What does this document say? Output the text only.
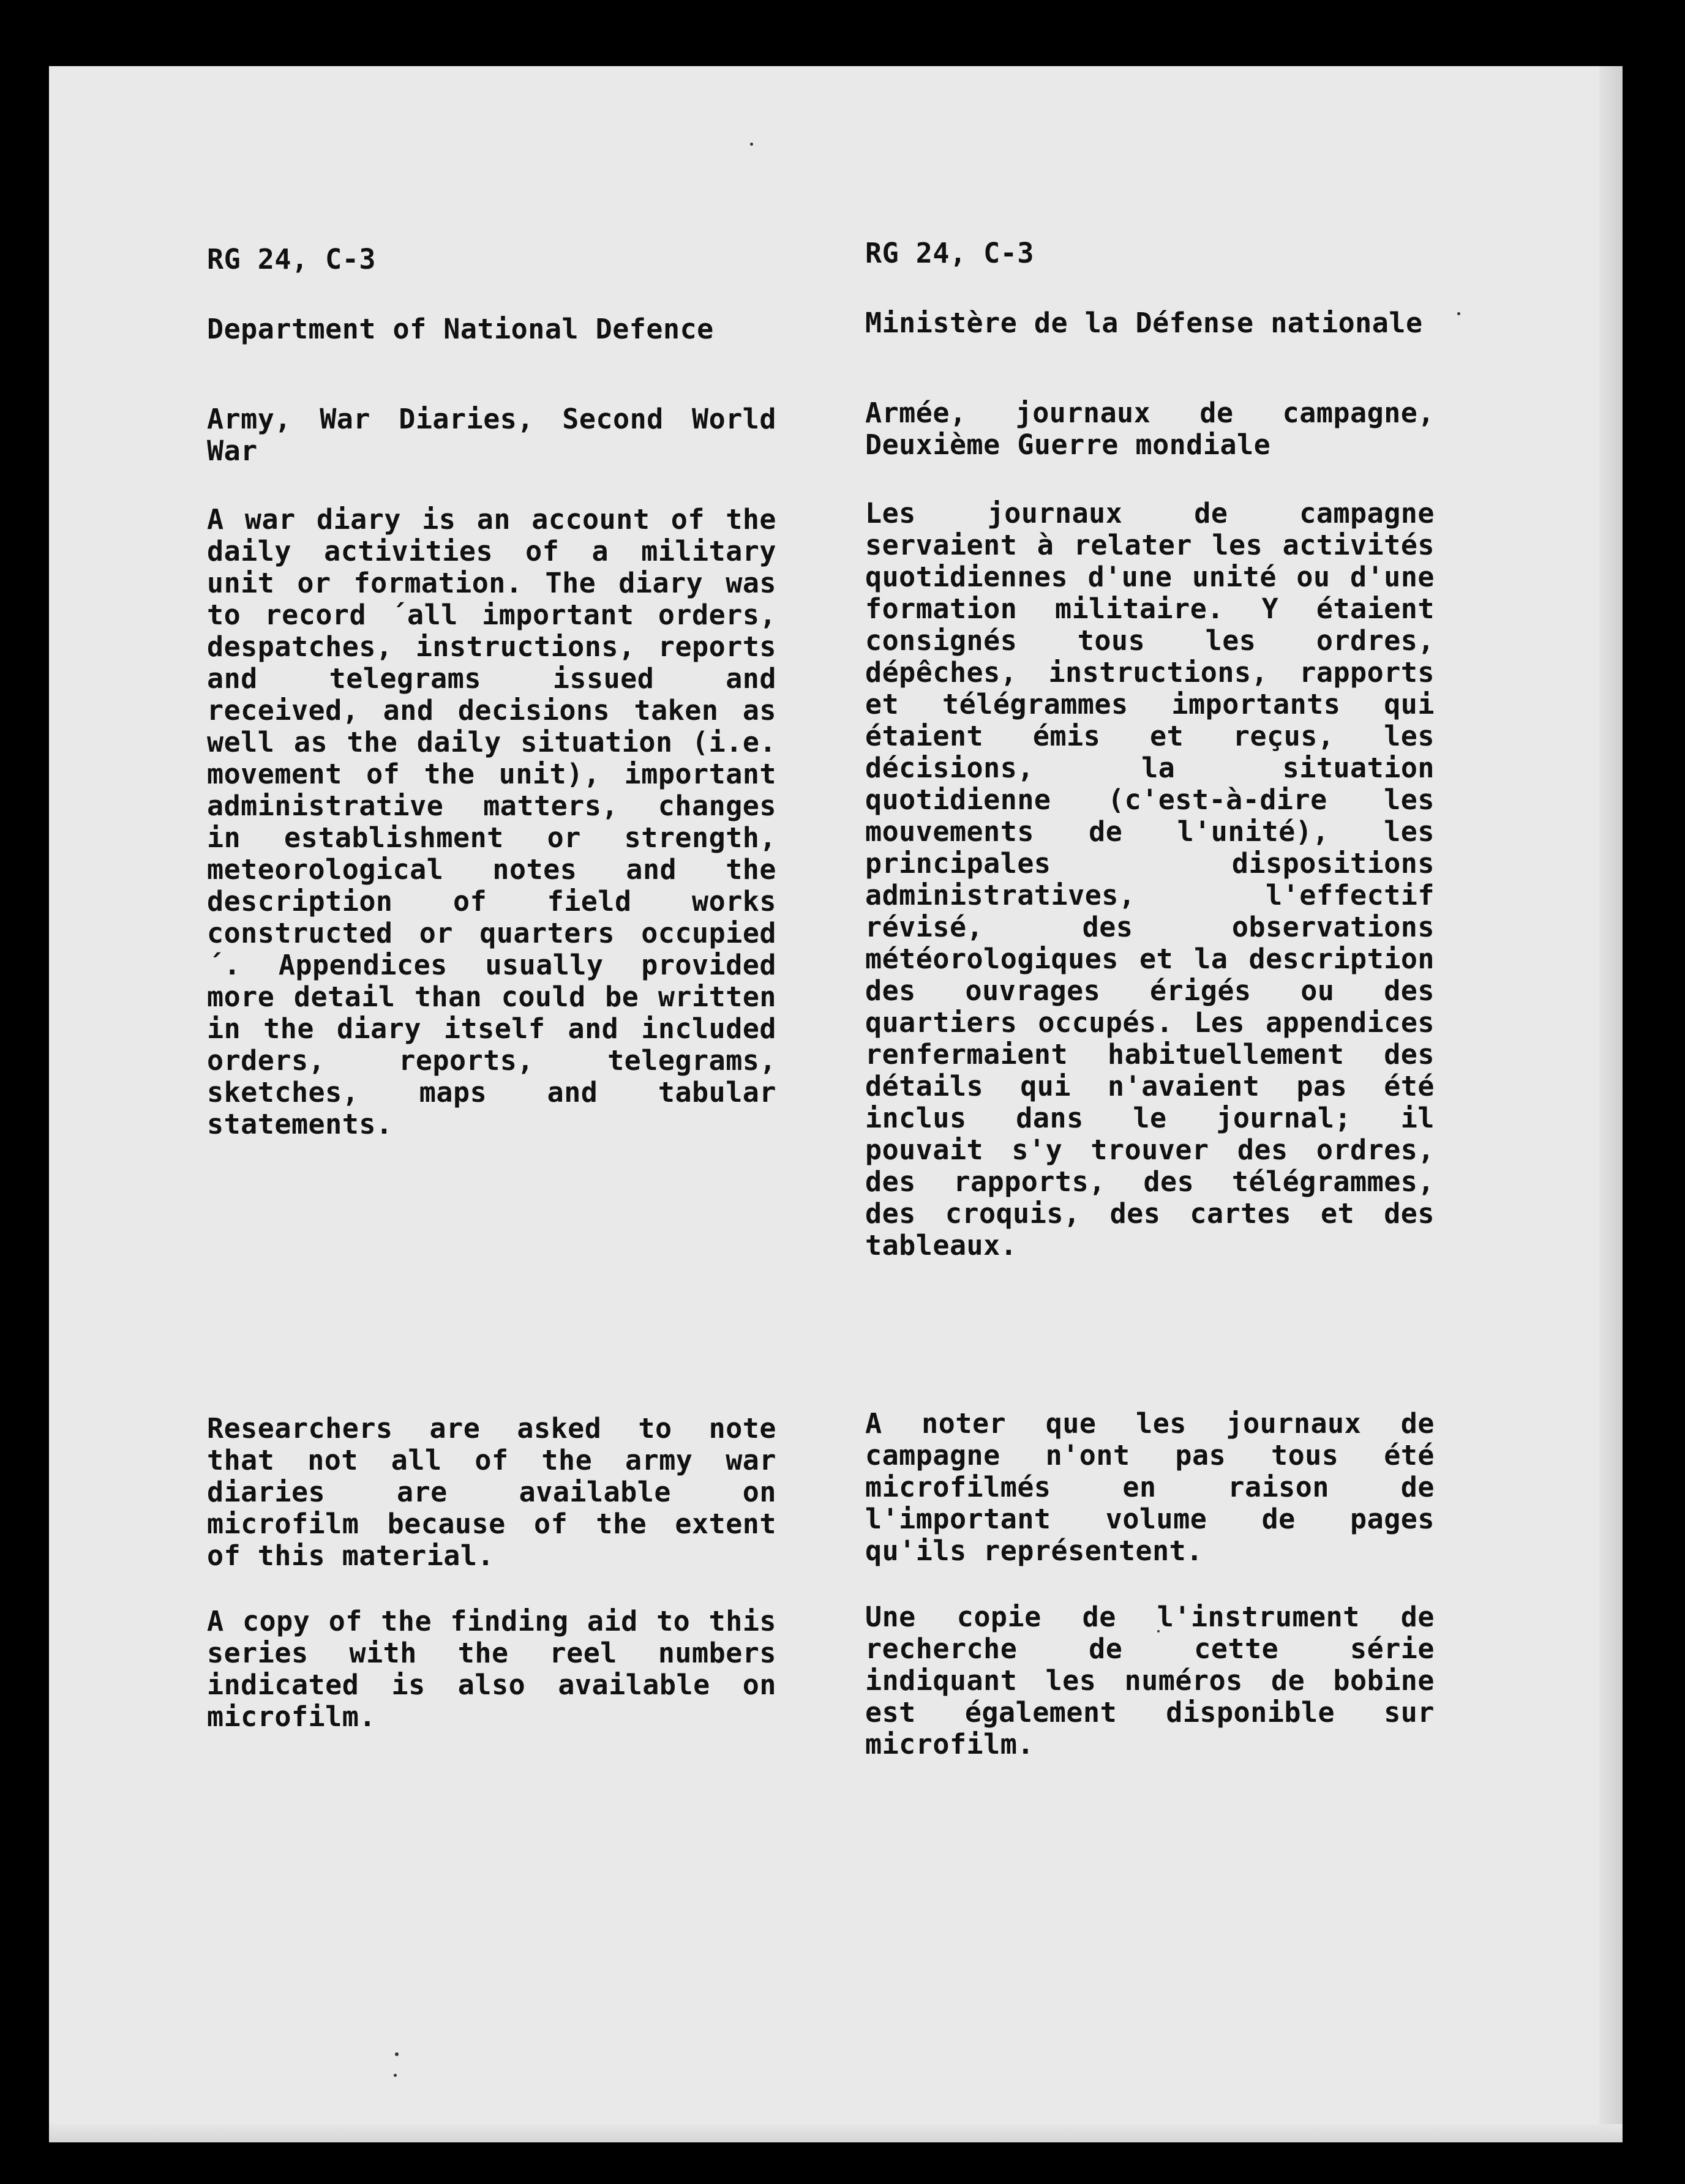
RG 24, C-3

Department of National Defence

Army, War Diaries, Second World War

A war diary is an account of the daily activities of a military unit or formation. The diary was to record ´all important orders, despatches, instructions, reports and telegrams issued and received, and decisions taken as well as the daily situation (i.e. movement of the unit), important administrative matters, changes in establishment or strength, meteorological notes and the description of field works constructed or quarters occupied´. Appendices usually provided more detail than could be written in the diary itself and included orders, reports, telegrams, sketches, maps and tabular statements.

Researchers are asked to note that not all of the army war diaries are available on microfilm because of the extent of this material.

A copy of the finding aid to this series with the reel numbers indicated is also available on microfilm.

RG 24, C-3

Ministère de la Défense nationale

Armée, journaux de campagne, Deuxième Guerre mondiale

Les journaux de campagne servaient à relater les activités quotidiennes d'une unité ou d'une formation militaire. Y étaient consignés tous les ordres, dépêches, instructions, rapports et télégrammes importants qui étaient émis et reçus, les décisions, la situation quotidienne (c'est-à-dire les mouvements de l'unité), les principales dispositions administratives, l'effectif révisé, des observations météorologiques et la description des ouvrages érigés ou des quartiers occupés. Les appendices renfermaient habituellement des détails qui n'avaient pas été inclus dans le journal; il pouvait s'y trouver des ordres, des rapports, des télégrammes, des croquis, des cartes et des tableaux.

A noter que les journaux de campagne n'ont pas tous été microfilmés en raison de l'important volume de pages qu'ils représentent.

Une copie de l'instrument de recherche de cette série indiquant les numéros de bobine est également disponible sur microfilm.
